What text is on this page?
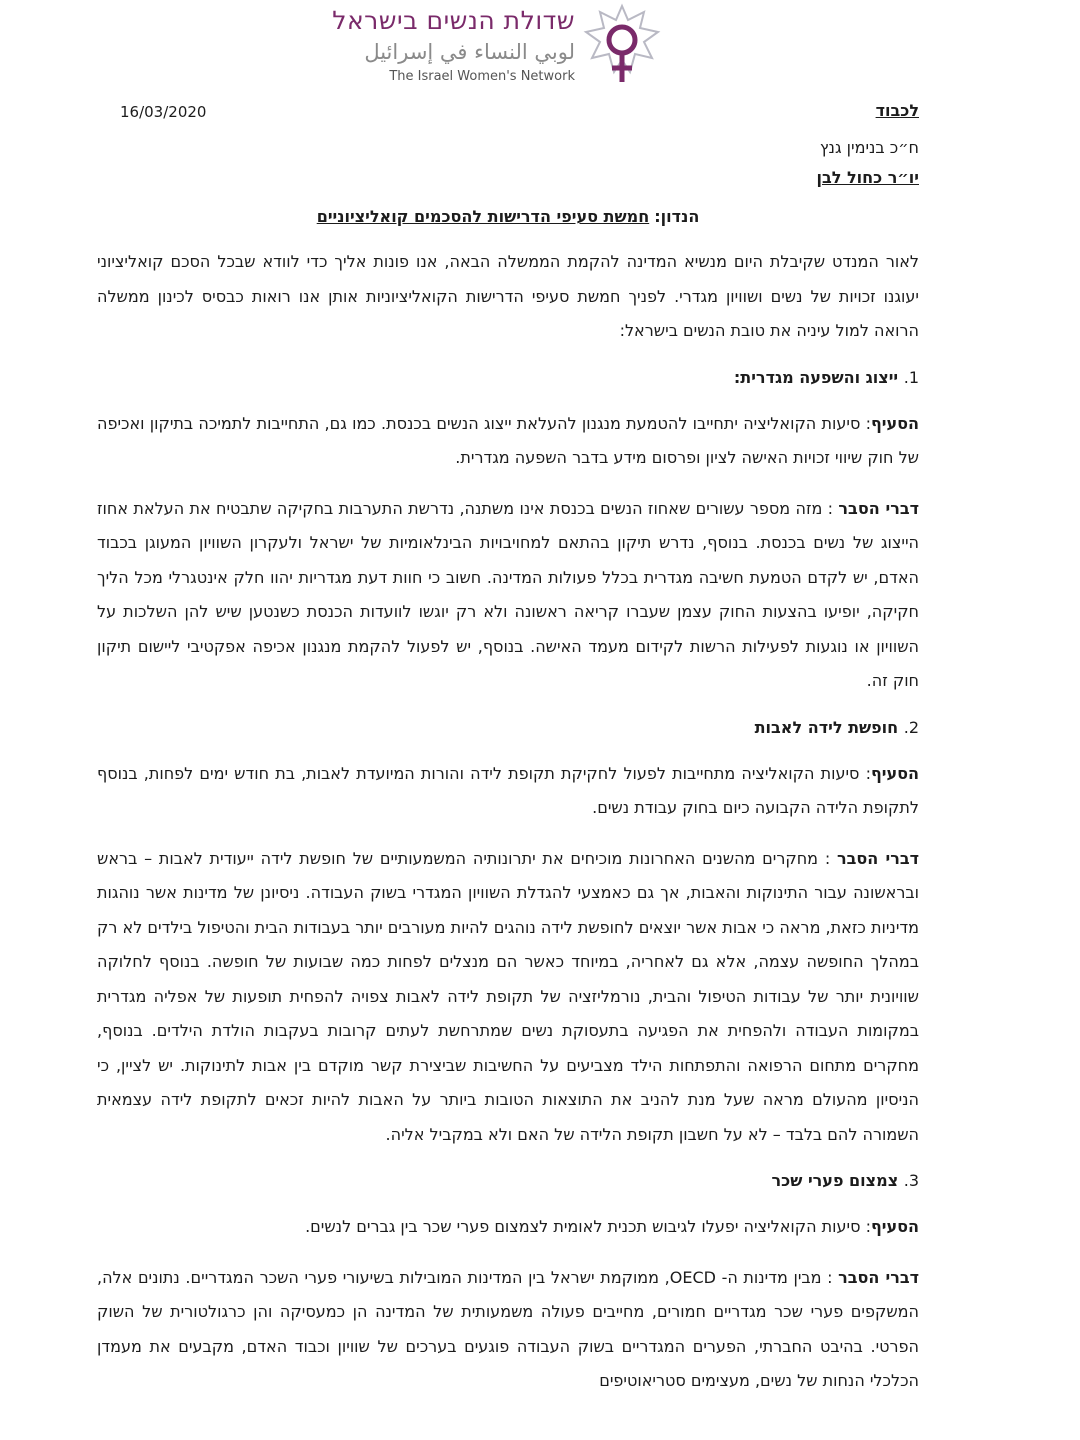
שדולת הנשים בישראל
لوبي النساء في إسرائيل
The Israel Women's Network
לכבוד
16/03/2020
ח״כ בנימין גנץ
יו״ר כחול לבן
הנדון: חמשת סעיפי הדרישות להסכמים קואליציוניים

לאור המנדט שקיבלת היום מנשיא המדינה להקמת הממשלה הבאה, אנו פונות אליך כדי לוודא שבכל הסכם קואליציוני יעוגנו זכויות של נשים ושוויון מגדרי. לפניך חמשת סעיפי הדרישות הקואליציוניות אותן אנו רואות כבסיס לכינון ממשלה הרואה למול עיניה את טובת הנשים בישראל:

1. ייצוג והשפעה מגדרית:

הסעיף: סיעות הקואליציה יתחייבו להטמעת מנגנון להעלאת ייצוג הנשים בכנסת. כמו גם, התחייבות לתמיכה בתיקון ואכיפה של חוק שיווי זכויות האישה לציון ופרסום מידע בדבר השפעה מגדרית.

דברי הסבר : מזה מספר עשורים שאחוז הנשים בכנסת אינו משתנה, נדרשת התערבות בחקיקה שתבטיח את העלאת אחוז הייצוג של נשים בכנסת. בנוסף, נדרש תיקון בהתאם למחויבויות הבינלאומיות של ישראל ולעקרון השוויון המעוגן בכבוד האדם, יש לקדם הטמעת חשיבה מגדרית בכלל פעולות המדינה. חשוב כי חוות דעת מגדריות יהוו חלק אינטגרלי מכל הליך חקיקה, יופיעו בהצעות החוק עצמן שעברו קריאה ראשונה ולא רק יוגשו לוועדות הכנסת כשנטען שיש להן השלכות על השוויון או נוגעות לפעילות הרשות לקידום מעמד האישה. בנוסף, יש לפעול להקמת מנגנון אכיפה אפקטיבי ליישום תיקון חוק זה.

2. חופשת לידה לאבות

הסעיף: סיעות הקואליציה מתחייבות לפעול לחקיקת תקופת לידה והורות המיועדת לאבות, בת חודש ימים לפחות, בנוסף לתקופת הלידה הקבועה כיום בחוק עבודת נשים.

דברי הסבר : מחקרים מהשנים האחרונות מוכיחים את יתרונותיה המשמעותיים של חופשת לידה ייעודית לאבות – בראש ובראשונה עבור התינוקות והאבות, אך גם כאמצעי להגדלת השוויון המגדרי בשוק העבודה. ניסיונן של מדינות אשר נוהגות מדיניות כזאת, מראה כי אבות אשר יוצאים לחופשת לידה נוהגים להיות מעורבים יותר בעבודות הבית והטיפול בילדים לא רק במהלך החופשה עצמה, אלא גם לאחריה, במיוחד כאשר הם מנצלים לפחות כמה שבועות של חופשה. בנוסף לחלוקה שוויונית יותר של עבודות הטיפול והבית, נורמליזציה של תקופת לידה לאבות צפויה להפחית תופעות של אפליה מגדרית במקומות העבודה ולהפחית את הפגיעה בתעסוקת נשים שמתרחשת לעתים קרובות בעקבות הולדת הילדים. בנוסף, מחקרים מתחום הרפואה והתפתחות הילד מצביעים על החשיבות שביצירת קשר מוקדם בין אבות לתינוקות. יש לציין, כי הניסיון מהעולם מראה שעל מנת להניב את התוצאות הטובות ביותר על האבות להיות זכאים לתקופת לידה עצמאית השמורה להם בלבד – לא על חשבון תקופת הלידה של האם ולא במקביל אליה.

3. צמצום פערי שכר

הסעיף: סיעות הקואליציה יפעלו לגיבוש תכנית לאומית לצמצום פערי שכר בין גברים לנשים.

דברי הסבר : מבין מדינות ה- OECD, ממוקמת ישראל בין המדינות המובילות בשיעורי פערי השכר המגדריים. נתונים אלה, המשקפים פערי שכר מגדריים חמורים, מחייבים פעולה משמעותית של המדינה הן כמעסיקה והן כרגולטורית של השוק הפרטי. בהיבט החברתי, הפערים המגדריים בשוק העבודה פוגעים בערכים של שוויון וכבוד האדם, מקבעים את מעמדן הכלכלי הנחות של נשים, מעצימים סטריאוטיפים
